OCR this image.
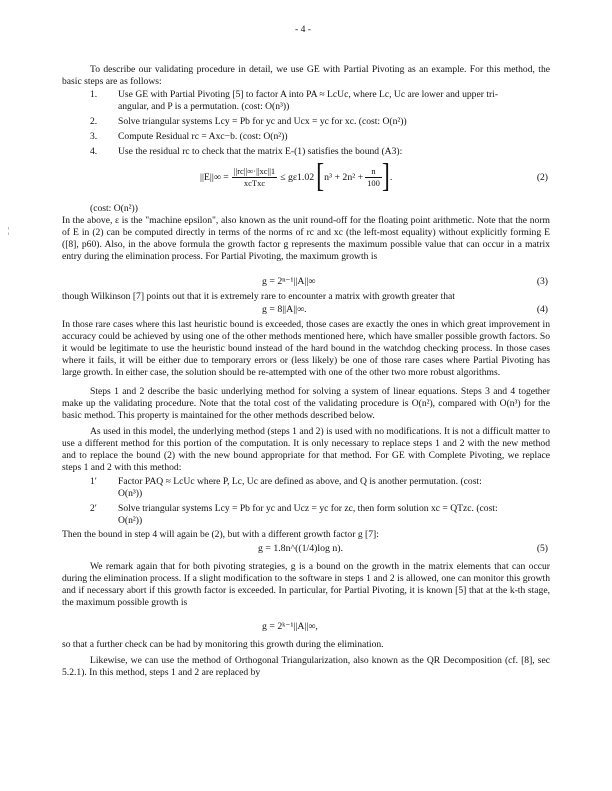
- 4 -
To describe our validating procedure in detail, we use GE with Partial Pivoting as an example. For this method, the basic steps are as follows:
1. Use GE with Partial Pivoting [5] to factor A into PA ≈ LcUc, where Lc, Uc are lower and upper tri-
angular, and P is a permutation. (cost: O(n³))
2. Solve triangular systems Lcy = Pb for yc and Ucx = yc for xc. (cost: O(n²))
3. Compute Residual rc = Axc−b. (cost: O(n²))
4. Use the residual rc to check that the matrix E-(1) satisfies the bound (A3):
$||E||\infty = \frac{||rc||\infty\cdot||xc||1}{\text{xcTxc}} \le g\varepsilon 1.02$ [ $n^3 + 2n^2 + \frac{n}{100}$ ] .	(2)
(cost: O(n²))
¦
In the above, ε is the "machine epsilon", also known as the unit round-off for the floating point arithmetic. Note that the norm of E in (2) can be computed directly in terms of the norms of rc and xc (the left-most equality) without explicitly forming E ([8], p60). Also, in the above formula the growth factor g represents the maximum possible value that can occur in a matrix entry during the elimination process. For Partial Pivoting, the maximum growth is
g = 2ⁿ⁻¹||A||∞	(3)
though Wilkinson [7] points out that it is extremely rare to encounter a matrix with growth greater that
g = 8||A||∞.	(4)
In those rare cases where this last heuristic bound is exceeded, those cases are exactly the ones in which great improvement in accuracy could be achieved by using one of the other methods mentioned here, which have smaller possible growth factors. So it would be legitimate to use the heuristic bound instead of the hard bound in the watchdog checking process. In those cases where it fails, it will be either due to temporary errors or (less likely) be one of those rare cases where Partial Pivoting has large growth. In either case, the solution should be re-attempted with one of the other two more robust algorithms.
Steps 1 and 2 describe the basic underlying method for solving a system of linear equations. Steps 3 and 4 together make up the validating procedure. Note that the total cost of the validating procedure is O(n²), compared with O(n³) for the basic method. This property is maintained for the other methods described below.
As used in this model, the underlying method (steps 1 and 2) is used with no modifications. It is not a difficult matter to use a different method for this portion of the computation. It is only necessary to replace steps 1 and 2 with the new method and to replace the bound (2) with the new bound appropriate for that method. For GE with Complete Pivoting, we replace steps 1 and 2 with this method:
1′ Factor PAQ ≈ LcUc where P, Lc, Uc are defined as above, and Q is another permutation. (cost:
O(n³))
2′ Solve triangular systems Lcy = Pb for yc and Ucz = yc for zc, then form solution xc = QTzc. (cost:
O(n²))
Then the bound in step 4 will again be (2), but with a different growth factor g [7]:
g = 1.8n^((1/4)log n).	(5)
We remark again that for both pivoting strategies, g is a bound on the growth in the matrix elements that can occur during the elimination process. If a slight modification to the software in steps 1 and 2 is allowed, one can monitor this growth and if necessary abort if this growth factor is exceeded. In particular, for Partial Pivoting, it is known [5] that at the k-th stage, the maximum possible growth is
g = 2ᵏ⁻¹||A||∞,
so that a further check can be had by monitoring this growth during the elimination.
Likewise, we can use the method of Orthogonal Triangularization, also known as the QR Decomposition (cf. [8], sec 5.2.1). In this method, steps 1 and 2 are replaced by
